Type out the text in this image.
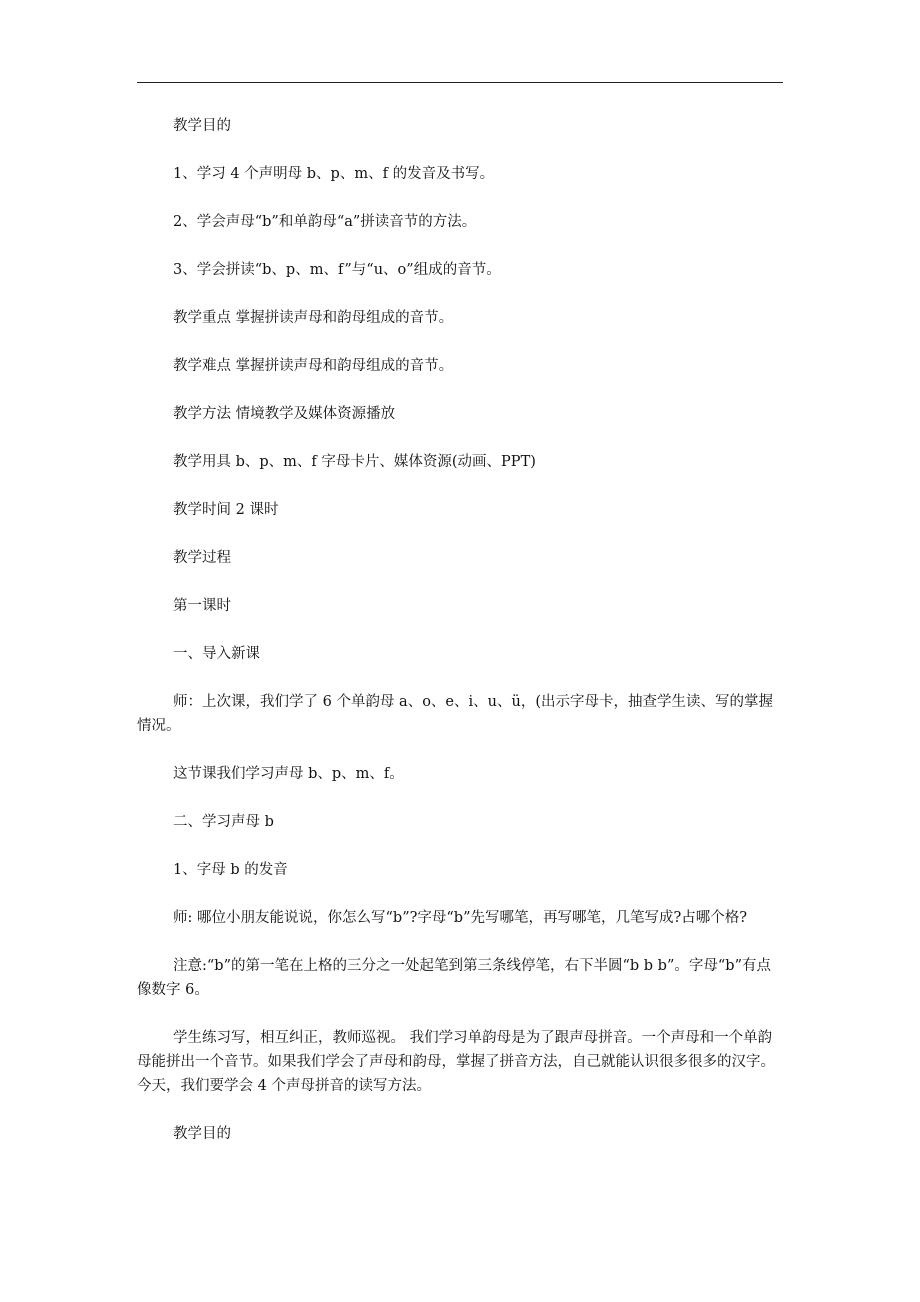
教学目的

1、学习 4 个声明母 b、p、m、f 的发音及书写。

2、学会声母“b”和单韵母“a”拼读音节的方法。

3、学会拼读“b、p、m、f”与“u、o”组成的音节。

教学重点 掌握拼读声母和韵母组成的音节。

教学难点 掌握拼读声母和韵母组成的音节。

教学方法 情境教学及媒体资源播放

教学用具 b、p、m、f 字母卡片、媒体资源(动画、PPT)

教学时间 2 课时

教学过程

第一课时

一、导入新课

师：上次课，我们学了 6 个单韵母 a、o、e、i、u、ü，(出示字母卡，抽查学生读、写的掌握情况。

这节课我们学习声母 b、p、m、f。

二、学习声母 b

1、字母 b 的发音

师: 哪位小朋友能说说，你怎么写“b”?字母“b”先写哪笔，再写哪笔，几笔写成?占哪个格?

注意:“b”的第一笔在上格的三分之一处起笔到第三条线停笔，右下半圆“b b b”。字母“b”有点像数字 6。

学生练习写，相互纠正，教师巡视。 我们学习单韵母是为了跟声母拼音。一个声母和一个单韵母能拼出一个音节。如果我们学会了声母和韵母，掌握了拼音方法，自己就能认识很多很多的汉字。今天，我们要学会 4 个声母拼音的读写方法。

教学目的
